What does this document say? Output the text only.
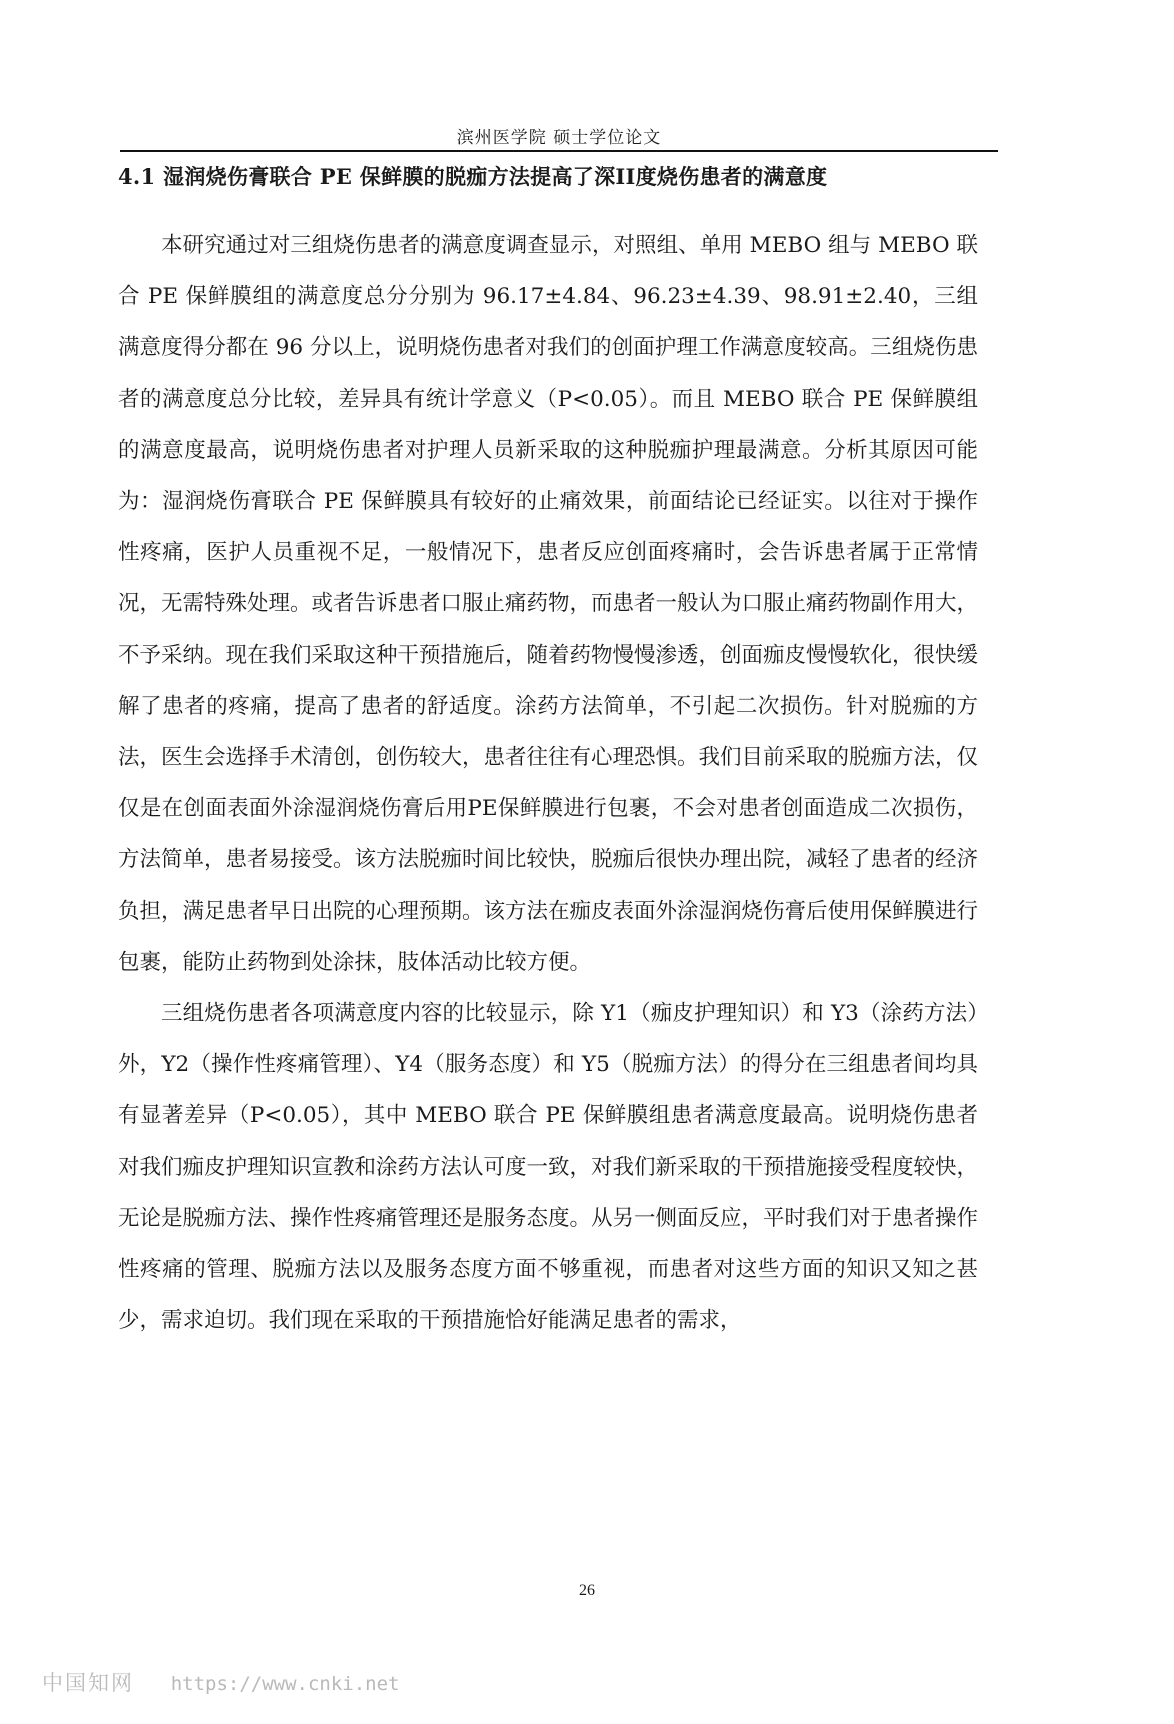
滨州医学院 硕士学位论文
4.1 湿润烧伤膏联合 PE 保鲜膜的脱痂方法提高了深II度烧伤患者的满意度

本研究通过对三组烧伤患者的满意度调查显示，对照组、单用 MEBO 组与 MEBO 联合 PE 保鲜膜组的满意度总分分别为 96.17±4.84、96.23±4.39、98.91±2.40，三组满意度得分都在 96 分以上，说明烧伤患者对我们的创面护理工作满意度较高。三组烧伤患者的满意度总分比较，差异具有统计学意义（P<0.05）。而且 MEBO 联合 PE 保鲜膜组的满意度最高，说明烧伤患者对护理人员新采取的这种脱痂护理最满意。分析其原因可能为：湿润烧伤膏联合 PE 保鲜膜具有较好的止痛效果，前面结论已经证实。以往对于操作性疼痛，医护人员重视不足，一般情况下，患者反应创面疼痛时，会告诉患者属于正常情况，无需特殊处理。或者告诉患者口服止痛药物，而患者一般认为口服止痛药物副作用大，不予采纳。现在我们采取这种干预措施后，随着药物慢慢渗透，创面痂皮慢慢软化，很快缓解了患者的疼痛，提高了患者的舒适度。涂药方法简单，不引起二次损伤。针对脱痂的方法，医生会选择手术清创，创伤较大，患者往往有心理恐惧。我们目前采取的脱痂方法，仅仅是在创面表面外涂湿润烧伤膏后用PE保鲜膜进行包裹，不会对患者创面造成二次损伤，方法简单，患者易接受。该方法脱痂时间比较快，脱痂后很快办理出院，减轻了患者的经济负担，满足患者早日出院的心理预期。该方法在痂皮表面外涂湿润烧伤膏后使用保鲜膜进行包裹，能防止药物到处涂抹，肢体活动比较方便。

三组烧伤患者各项满意度内容的比较显示，除 Y1（痂皮护理知识）和 Y3（涂药方法）外，Y2（操作性疼痛管理）、Y4（服务态度）和 Y5（脱痂方法）的得分在三组患者间均具有显著差异（P<0.05），其中 MEBO 联合 PE 保鲜膜组患者满意度最高。说明烧伤患者对我们痂皮护理知识宣教和涂药方法认可度一致，对我们新采取的干预措施接受程度较快，无论是脱痂方法、操作性疼痛管理还是服务态度。从另一侧面反应，平时我们对于患者操作性疼痛的管理、脱痂方法以及服务态度方面不够重视，而患者对这些方面的知识又知之甚少，需求迫切。我们现在采取的干预措施恰好能满足患者的需求，

26
中国知网 https://www.cnki.net
